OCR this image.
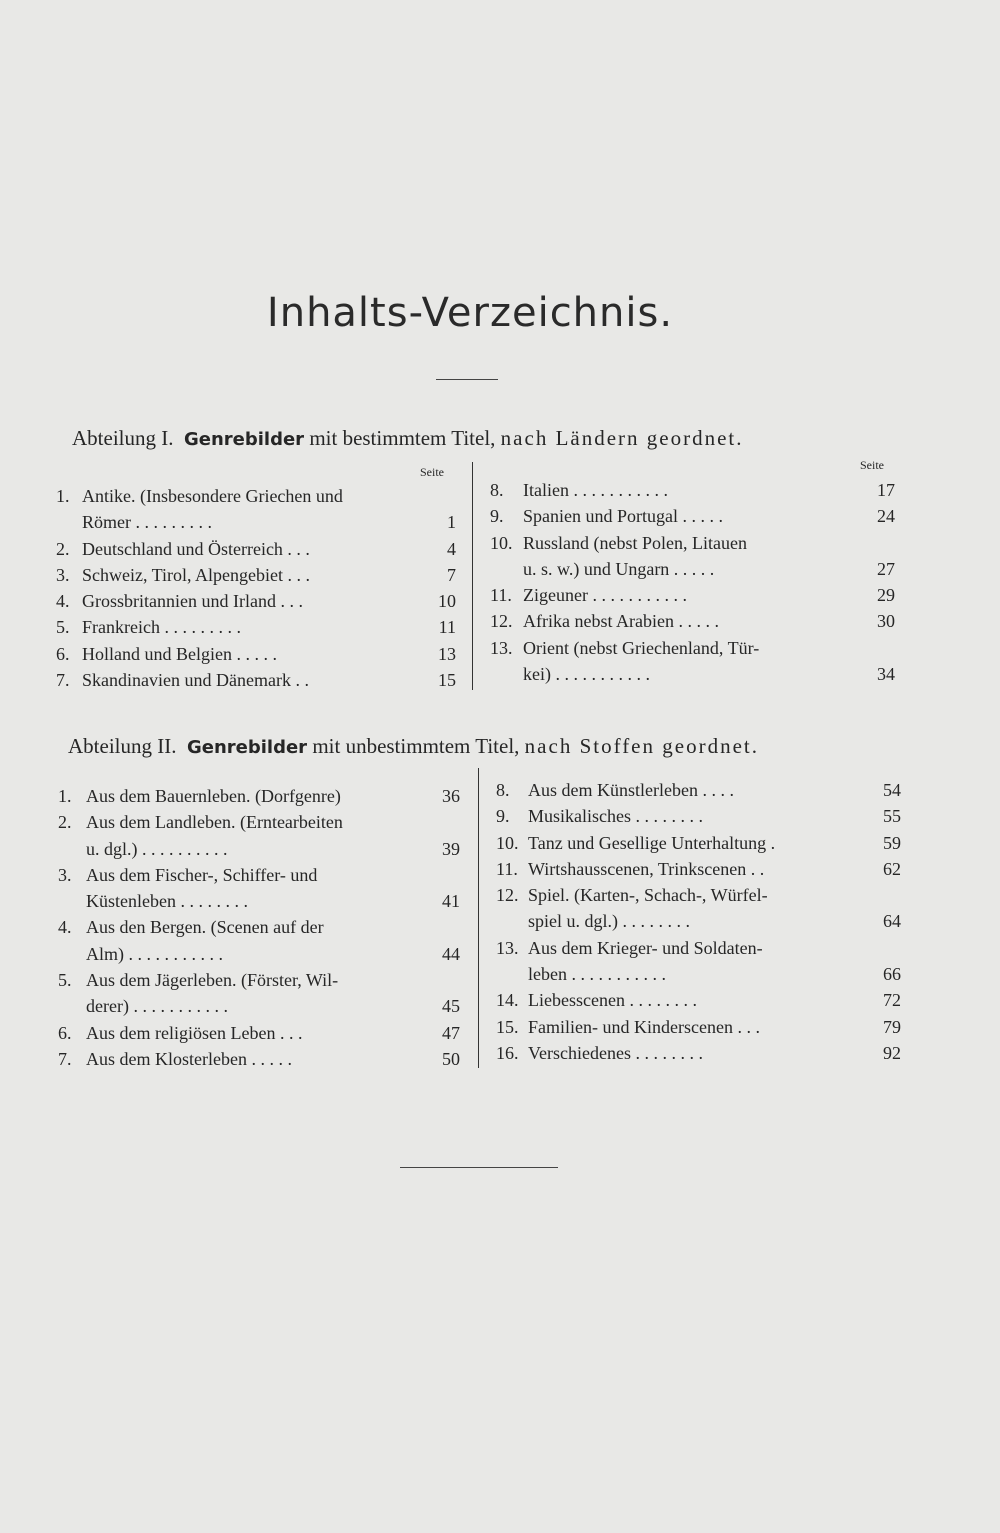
Inhalts-Verzeichnis.
Abteilung I. Genrebilder mit bestimmtem Titel, nach Ländern geordnet.
Seite	Seite
1. Antike. (Insbesondere Griechen und
Römer . . . . . . . . .	1
2. Deutschland und Österreich . . .	4
3. Schweiz, Tirol, Alpengebiet . . .	7
4. Grossbritannien und Irland . . .	10
5. Frankreich . . . . . . . . .	11
6. Holland und Belgien . . . . .	13
7. Skandinavien und Dänemark . .	15
8. Italien . . . . . . . . . . .	17
9. Spanien und Portugal . . . . .	24
10. Russland (nebst Polen, Litauen
u. s. w.) und Ungarn . . . . .	27
11. Zigeuner . . . . . . . . . . .	29
12. Afrika nebst Arabien . . . . .	30
13. Orient (nebst Griechenland, Tür-
kei) . . . . . . . . . . .	34
Abteilung II. Genrebilder mit unbestimmtem Titel, nach Stoffen geordnet.
1. Aus dem Bauernleben. (Dorfgenre)	36
2. Aus dem Landleben. (Erntearbeiten
u. dgl.) . . . . . . . . . .	39
3. Aus dem Fischer-, Schiffer- und
Küstenleben . . . . . . . .	41
4. Aus den Bergen. (Scenen auf der
Alm) . . . . . . . . . . .	44
5. Aus dem Jägerleben. (Förster, Wil-
derer) . . . . . . . . . . .	45
6. Aus dem religiösen Leben . . .	47
7. Aus dem Klosterleben . . . . .	50
8. Aus dem Künstlerleben . . . .	54
9. Musikalisches . . . . . . . .	55
10. Tanz und Gesellige Unterhaltung .	59
11. Wirtshausscenen, Trinkscenen . .	62
12. Spiel. (Karten-, Schach-, Würfel-
spiel u. dgl.) . . . . . . . .	64
13. Aus dem Krieger- und Soldaten-
leben . . . . . . . . . . .	66
14. Liebesscenen . . . . . . . .	72
15. Familien- und Kinderscenen . . .	79
16. Verschiedenes . . . . . . . .	92
